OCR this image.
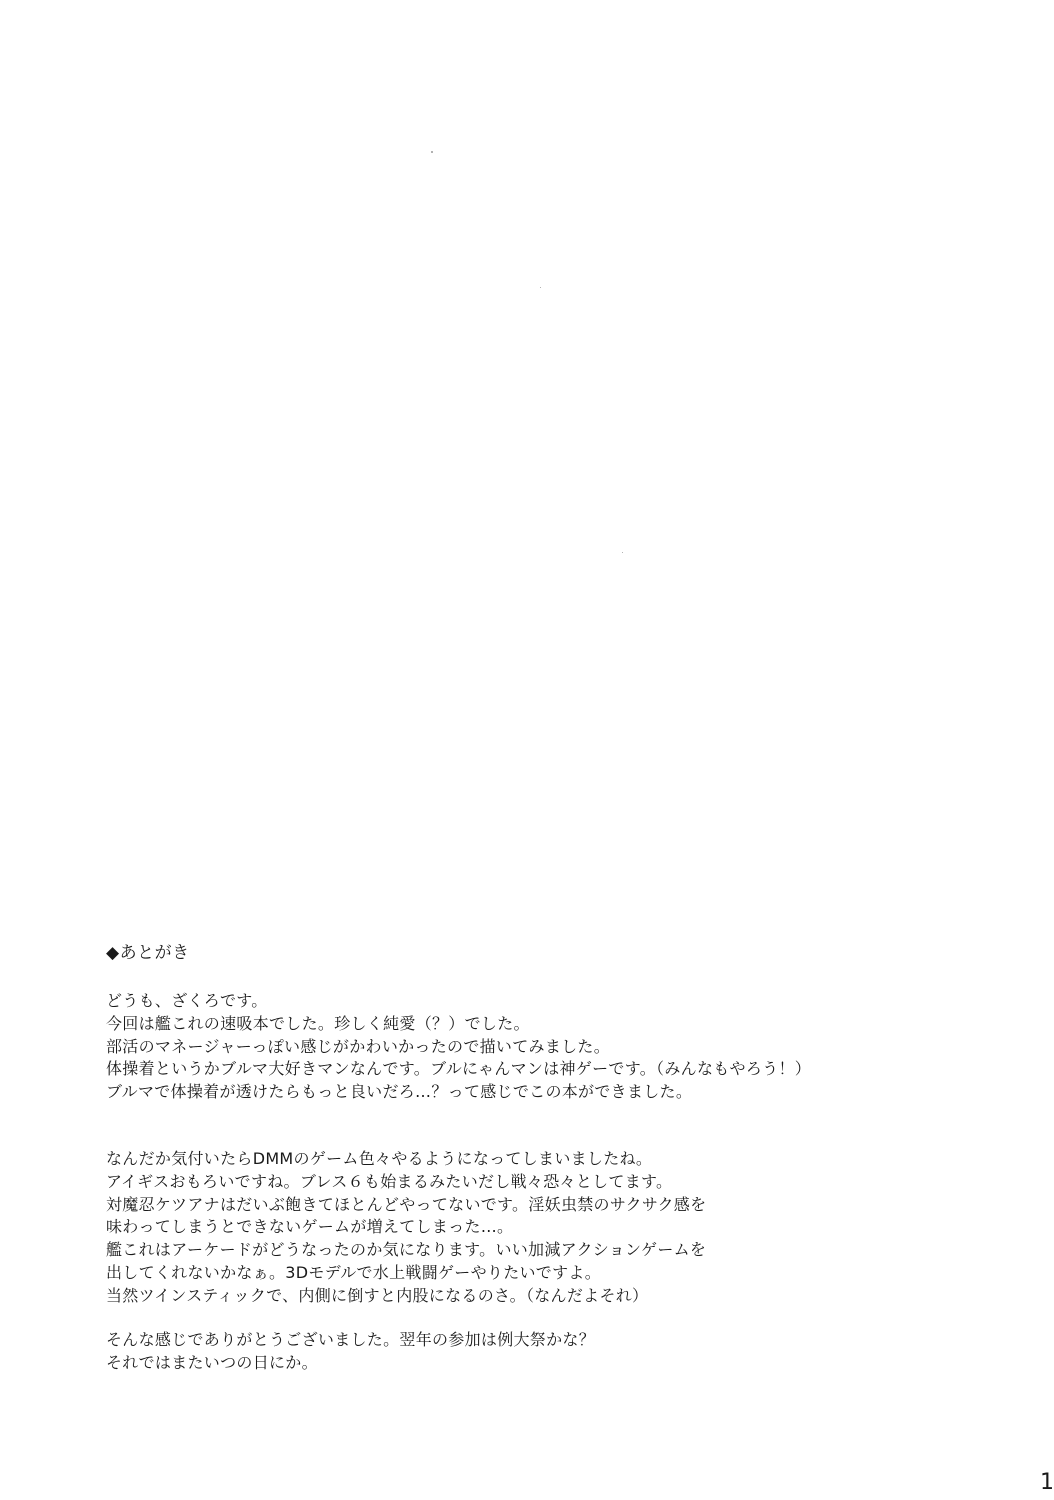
◆あとがき
どうも、ざくろです。
今回は艦これの速吸本でした。珍しく純愛（？）でした。
部活のマネージャーっぽい感じがかわいかったので描いてみました。
体操着というかブルマ大好きマンなんです。ブルにゃんマンは神ゲーです。（みんなもやろう！）
ブルマで体操着が透けたらもっと良いだろ…？って感じでこの本ができました。
なんだか気付いたらDMMのゲーム色々やるようになってしまいましたね。
アイギスおもろいですね。ブレス６も始まるみたいだし戦々恐々としてます。
対魔忍ケツアナはだいぶ飽きてほとんどやってないです。淫妖虫禁のサクサク感を
味わってしまうとできないゲームが増えてしまった…。
艦これはアーケードがどうなったのか気になります。いい加減アクションゲームを
出してくれないかなぁ。3Dモデルで水上戦闘ゲーやりたいですよ。
当然ツインスティックで、内側に倒すと内股になるのさ。（なんだよそれ）
そんな感じでありがとうございました。翌年の参加は例大祭かな？
それではまたいつの日にか。
1
